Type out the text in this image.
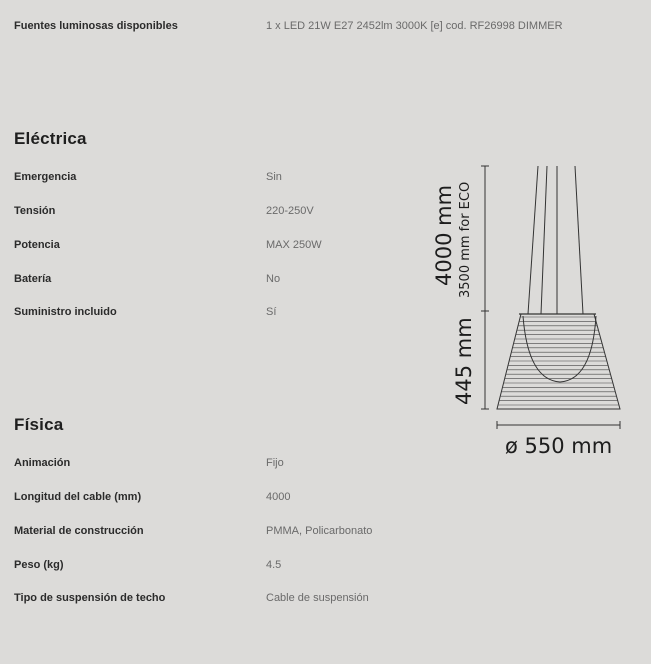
Fuentes luminosas disponibles	1 x LED 21W E27 2452lm 3000K [e] cod. RF26998 DIMMER
Eléctrica
Emergencia	Sin
Tensión	220-250V
Potencia	MAX 250W
Batería	No
Suministro incluido	Sí
Física
Animación	Fijo
Longitud del cable (mm)	4000
Material de construcción	PMMA, Policarbonato
Peso (kg)	4.5
Tipo de suspensión de techo	Cable de suspensión
4000 mm 3500 mm for ECO
445 mm
ø 550 mm
